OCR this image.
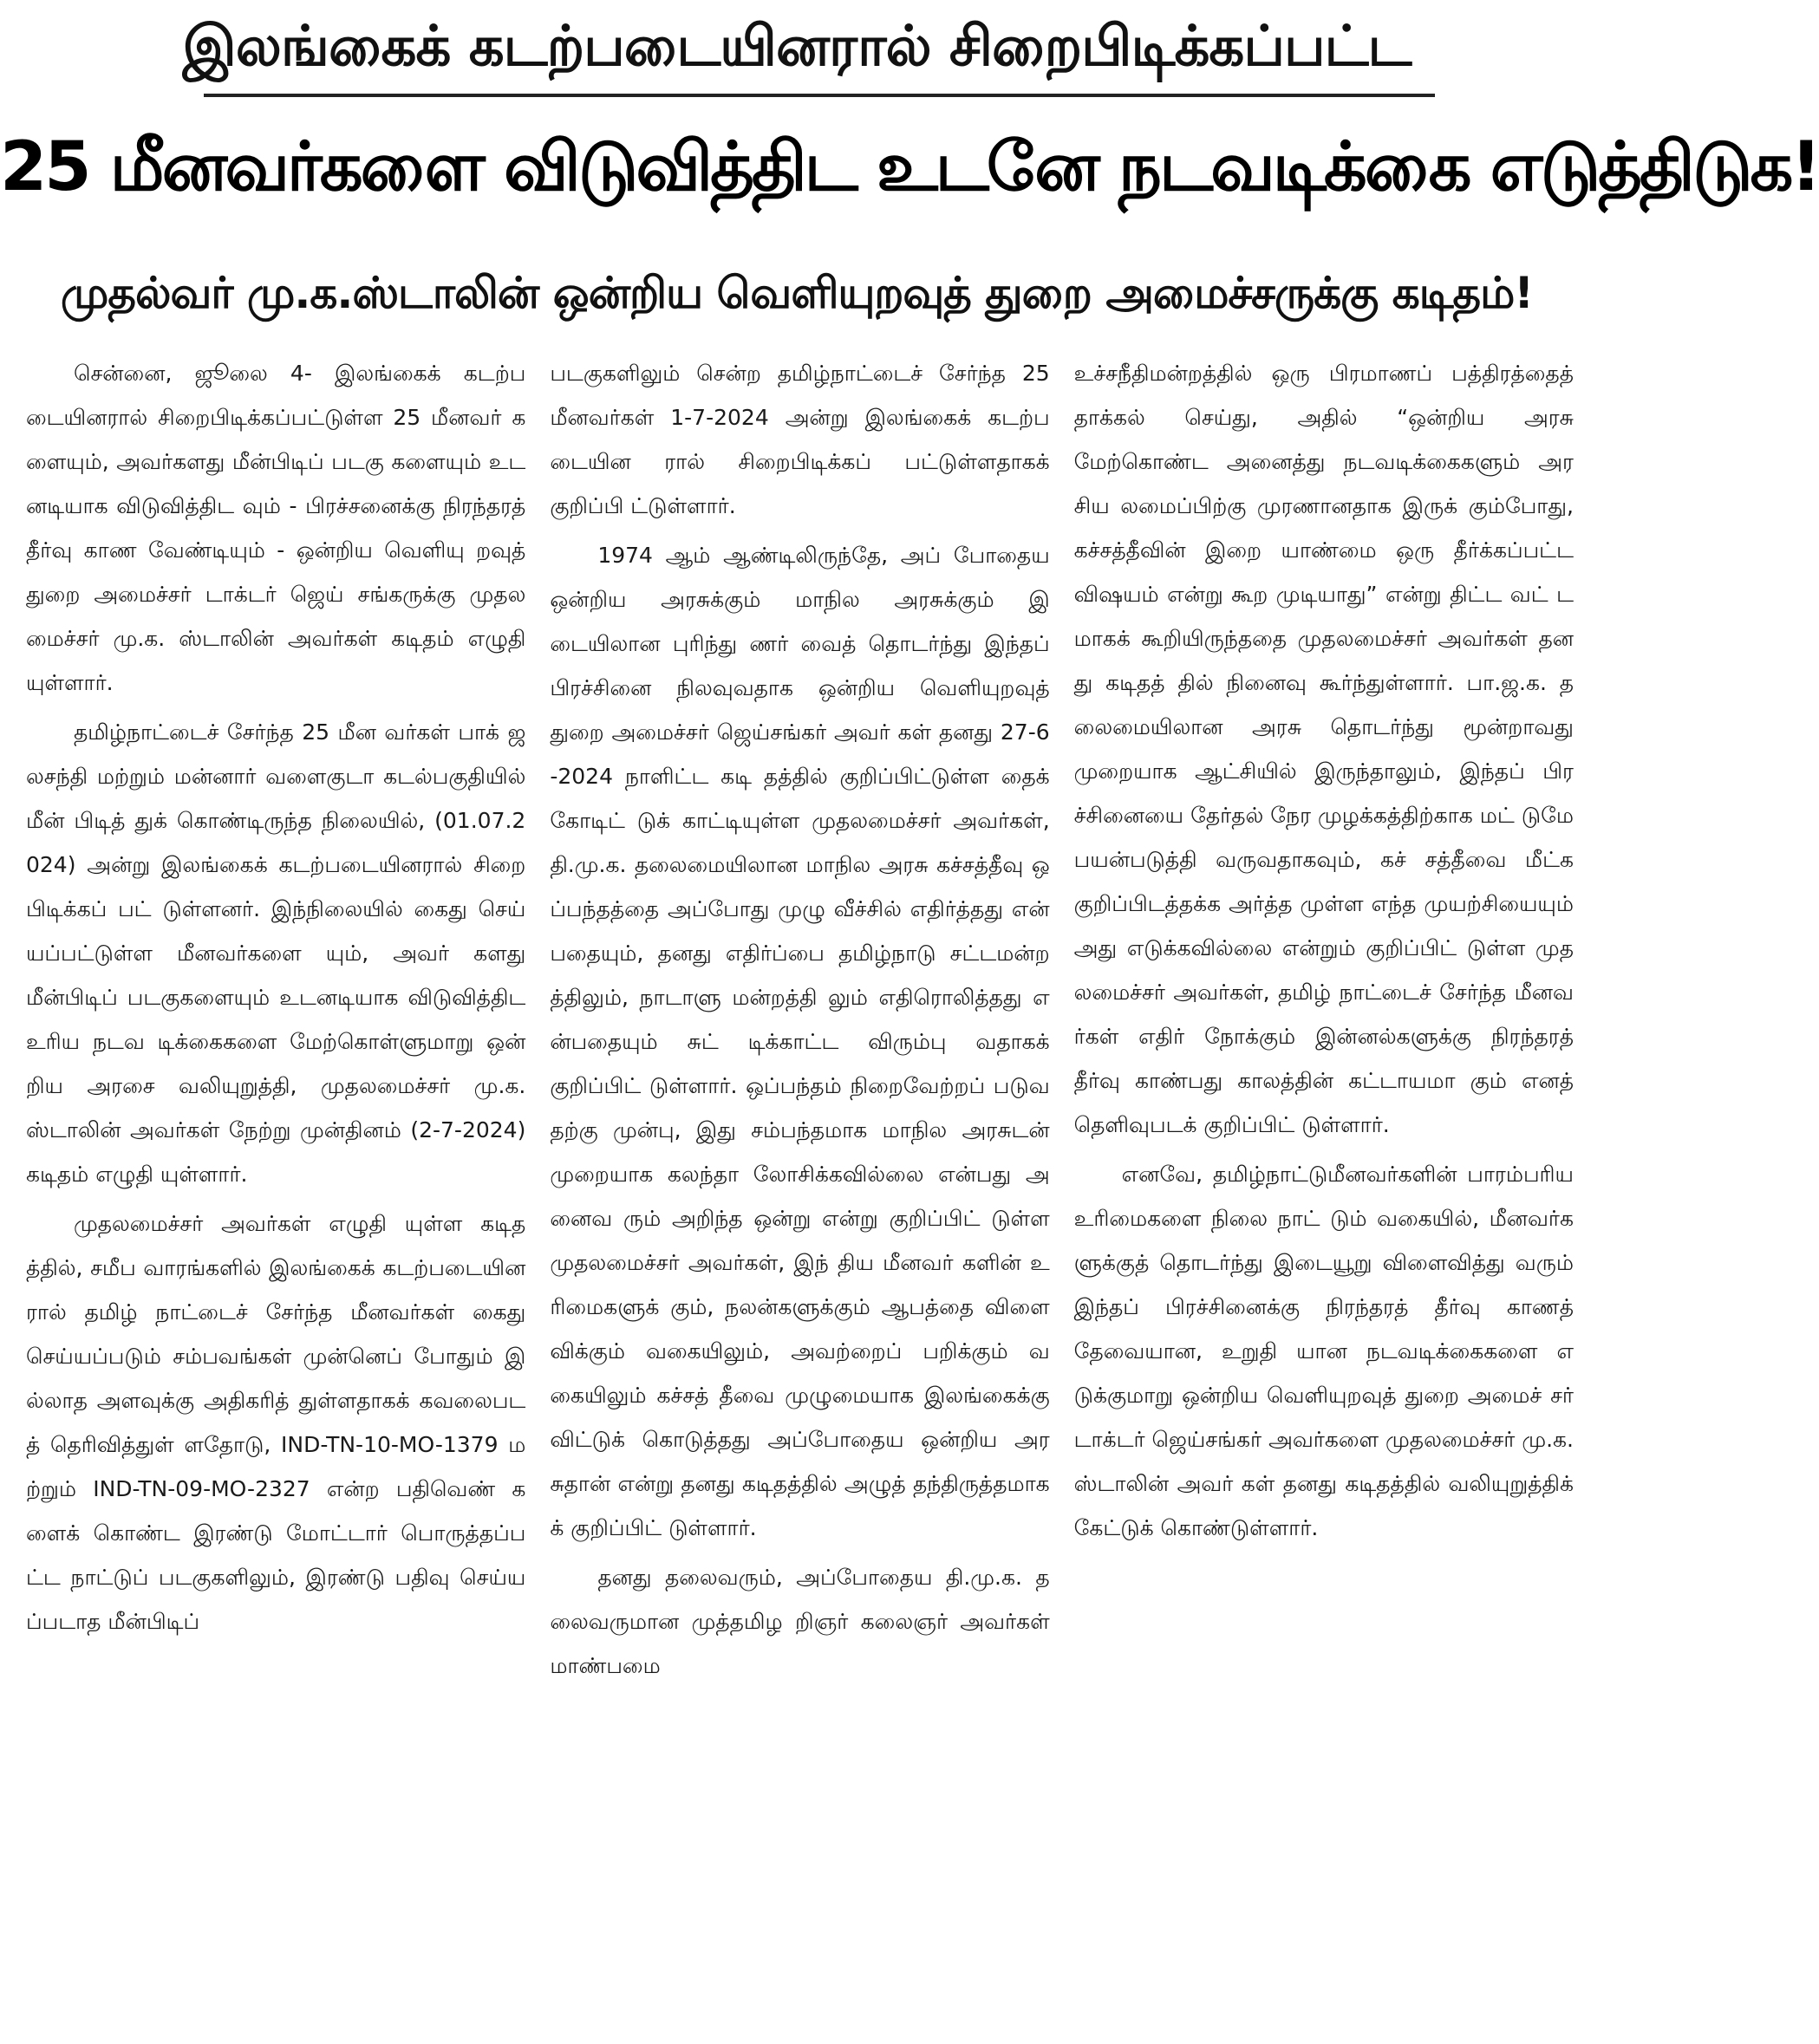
இலங்கைக் கடற்படையினரால் சிறைபிடிக்கப்பட்ட
25 மீனவர்களை விடுவித்திட உடனே நடவடிக்கை எடுத்திடுக!
முதல்வர் மு.க.ஸ்டாலின் ஒன்றிய வெளியுறவுத் துறை அமைச்சருக்கு கடிதம்!

சென்னை, ஜூலை 4- இலங்கைக் கடற்படையினரால் சிறைபிடிக்கப்பட்டுள்ள 25 மீனவர் களையும், அவர்களது மீன்பிடிப் படகு களையும் உடனடியாக விடுவித்திட வும் - பிரச்சனைக்கு நிரந்தரத் தீர்வு காண வேண்டியும் - ஒன்றிய வெளியு றவுத் துறை அமைச்சர் டாக்டர் ஜெய் சங்கருக்கு முதலமைச்சர் மு.க. ஸ்டாலின் அவர்கள் கடிதம் எழுதி யுள்ளார்.

தமிழ்நாட்டைச் சேர்ந்த 25 மீன வர்கள் பாக் ஜலசந்தி மற்றும் மன்னார் வளைகுடா கடல்பகுதியில் மீன் பிடித் துக் கொண்டிருந்த நிலையில், (01.07.2024) அன்று இலங்கைக் கடற்படையினரால் சிறை பிடிக்கப் பட் டுள்ளனர். இந்நிலையில் கைது செய் யப்பட்டுள்ள மீனவர்களை யும், அவர் களது மீன்பிடிப் படகுகளையும் உடனடியாக விடுவித்திட உரிய நடவ டிக்கைகளை மேற்கொள்ளுமாறு ஒன் றிய அரசை வலியுறுத்தி, முதலமைச்சர் மு.க.ஸ்டாலின் அவர்கள் நேற்று முன்தினம் (2-7-2024) கடிதம் எழுதி யுள்ளார்.

முதலமைச்சர் அவர்கள் எழுதி யுள்ள கடிதத்தில், சமீப வாரங்களில் இலங்கைக் கடற்படையினரால் தமிழ் நாட்டைச் சேர்ந்த மீனவர்கள் கைது செய்யப்படும் சம்பவங்கள் முன்னெப் போதும் இல்லாத அளவுக்கு அதிகரித் துள்ளதாகக் கவலைபடத் தெரிவித்துள் ளதோடு, IND-TN-10-MO-1379 மற்றும் IND-TN-09-MO-2327 என்ற பதிவெண் களைக் கொண்ட இரண்டு மோட்டார் பொருத்தப்பட்ட நாட்டுப் படகுகளிலும், இரண்டு பதிவு செய்யப்படாத மீன்பிடிப்

படகுகளிலும் சென்ற தமிழ்நாட்டைச் சேர்ந்த 25 மீனவர்கள் 1-7-2024 அன்று இலங்கைக் கடற்படையின ரால் சிறைபிடிக்கப் பட்டுள்ளதாகக் குறிப்பி ட்டுள்ளார்.

1974 ஆம் ஆண்டிலிருந்தே, அப் போதைய ஒன்றிய அரசுக்கும் மாநில அரசுக்கும் இடையிலான புரிந்து ணர் வைத் தொடர்ந்து இந்தப் பிரச்சினை நிலவுவதாக ஒன்றிய வெளியுறவுத் துறை அமைச்சர் ஜெய்சங்கர் அவர் கள் தனது 27-6-2024 நாளிட்ட கடி தத்தில் குறிப்பிட்டுள்ள தைக் கோடிட் டுக் காட்டியுள்ள முதலமைச்சர் அவர்கள், தி.மு.க. தலைமையிலான மாநில அரசு கச்சத்தீவு ஒப்பந்தத்தை அப்போது முழு வீச்சில் எதிர்த்தது என் பதையும், தனது எதிர்ப்பை தமிழ்நாடு சட்டமன்றத்திலும், நாடாளு மன்றத்தி லும் எதிரொலித்தது என்பதையும் சுட் டிக்காட்ட விரும்பு வதாகக் குறிப்பிட் டுள்ளார். ஒப்பந்தம் நிறைவேற்றப் படுவதற்கு முன்பு, இது சம்பந்தமாக மாநில அரசுடன் முறையாக கலந்தா லோசிக்கவில்லை என்பது அனைவ ரும் அறிந்த ஒன்று என்று குறிப்பிட் டுள்ள முதலமைச்சர் அவர்கள், இந் திய மீனவர் களின் உரிமைகளுக் கும், நலன்களுக்கும் ஆபத்தை விளை விக்கும் வகையிலும், அவற்றைப் பறிக்கும் வகையிலும் கச்சத் தீவை முழுமையாக இலங்கைக்கு விட்டுக் கொடுத்தது அப்போதைய ஒன்றிய அர சுதான் என்று தனது கடிதத்தில் அழுத் தந்திருத்தமாகக் குறிப்பிட் டுள்ளார்.

தனது தலைவரும், அப்போதைய தி.மு.க. தலைவருமான முத்தமிழ றிஞர் கலைஞர் அவர்கள் மாண்பமை

உச்சநீதிமன்றத்தில் ஒரு பிரமாணப் பத்திரத்தைத் தாக்கல் செய்து, அதில் “ஒன்றிய அரசு மேற்கொண்ட அனைத்து நடவடிக்கைகளும் அரசிய லமைப்பிற்கு முரணானதாக இருக் கும்போது, கச்சத்தீவின் இறை யாண்மை ஒரு தீர்க்கப்பட்ட விஷயம் என்று கூற முடியாது” என்று திட்ட வட் டமாகக் கூறியிருந்ததை முதலமைச்சர் அவர்கள் தனது கடிதத் தில் நினைவு கூர்ந்துள்ளார். பா.ஜ.க. தலைமையிலான அரசு தொடர்ந்து மூன்றாவது முறையாக ஆட்சியில் இருந்தாலும், இந்தப் பிரச்சினையை தேர்தல் நேர முழக்கத்திற்காக மட் டுமே பயன்படுத்தி வருவதாகவும், கச் சத்தீவை மீட்க குறிப்பிடத்தக்க அர்த்த முள்ள எந்த முயற்சியையும் அது எடுக்கவில்லை என்றும் குறிப்பிட் டுள்ள முதலமைச்சர் அவர்கள், தமிழ் நாட்டைச் சேர்ந்த மீனவர்கள் எதிர் நோக்கும் இன்னல்களுக்கு நிரந்தரத் தீர்வு காண்பது காலத்தின் கட்டாயமா கும் எனத் தெளிவுபடக் குறிப்பிட் டுள்ளார்.

எனவே, தமிழ்நாட்டுமீனவர்களின் பாரம்பரிய உரிமைகளை நிலை நாட் டும் வகையில், மீனவர்க ளுக்குத் தொடர்ந்து இடையூறு விளைவித்து வரும் இந்தப் பிரச்சினைக்கு நிரந்தரத் தீர்வு காணத் தேவையான, உறுதி யான நடவடிக்கைகளை எடுக்குமாறு ஒன்றிய வெளியுறவுத் துறை அமைச் சர் டாக்டர் ஜெய்சங்கர் அவர்களை முதலமைச்சர் மு.க.ஸ்டாலின் அவர் கள் தனது கடிதத்தில் வலியுறுத்திக் கேட்டுக் கொண்டுள்ளார்.
